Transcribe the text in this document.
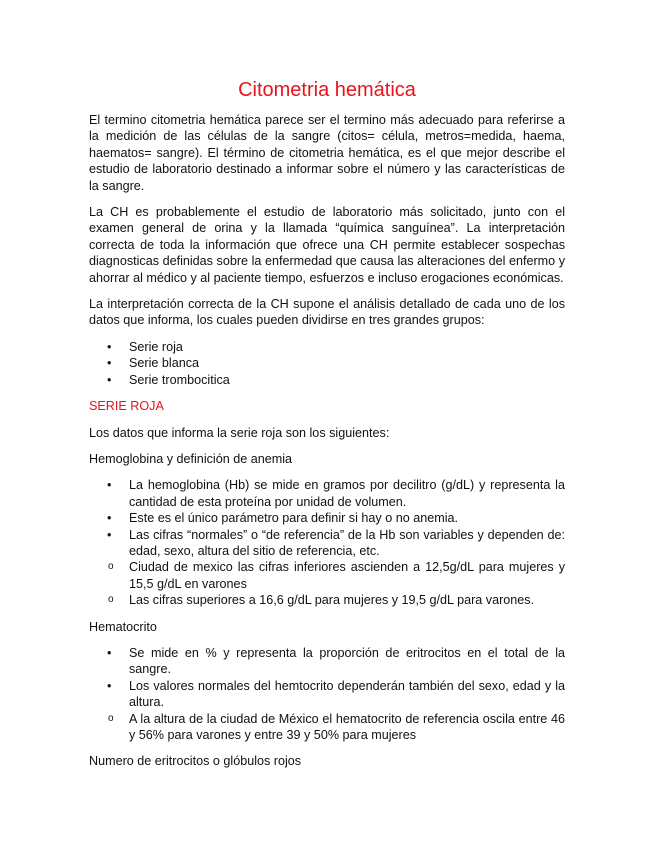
Citometria hemática

El termino citometria hemática parece ser el termino más adecuado para referirse a la medición de las células de la sangre (citos= célula, metros=medida, haema, haematos= sangre). El término de citometria hemática, es el que mejor describe el estudio de laboratorio destinado a informar sobre el número y las características de la sangre.

La CH es probablemente el estudio de laboratorio más solicitado, junto con el examen general de orina y la llamada “química sanguínea”. La interpretación correcta de toda la información que ofrece una CH permite establecer sospechas diagnosticas definidas sobre la enfermedad que causa las alteraciones del enfermo y ahorrar al médico y al paciente tiempo, esfuerzos e incluso erogaciones económicas.

La interpretación correcta de la CH supone el análisis detallado de cada uno de los datos que informa, los cuales pueden dividirse en tres grandes grupos:

• Serie roja
• Serie blanca
• Serie trombocitica
SERIE ROJA

Los datos que informa la serie roja son los siguientes:

Hemoglobina y definición de anemia

• La hemoglobina (Hb) se mide en gramos por decilitro (g/dL) y representa la cantidad de esta proteína por unidad de volumen.
• Este es el único parámetro para definir si hay o no anemia.
• Las cifras “normales” o “de referencia” de la Hb son variables y dependen de: edad, sexo, altura del sitio de referencia, etc.
o Ciudad de mexico las cifras inferiores ascienden a 12,5g/dL para mujeres y 15,5 g/dL en varones
o Las cifras superiores a 16,6 g/dL para mujeres y 19,5 g/dL para varones.

Hematocrito

• Se mide en % y representa la proporción de eritrocitos en el total de la sangre.
• Los valores normales del hemtocrito dependerán también del sexo, edad y la altura.
o A la altura de la ciudad de México el hematocrito de referencia oscila entre 46 y 56% para varones y entre 39 y 50% para mujeres

Numero de eritrocitos o glóbulos rojos
